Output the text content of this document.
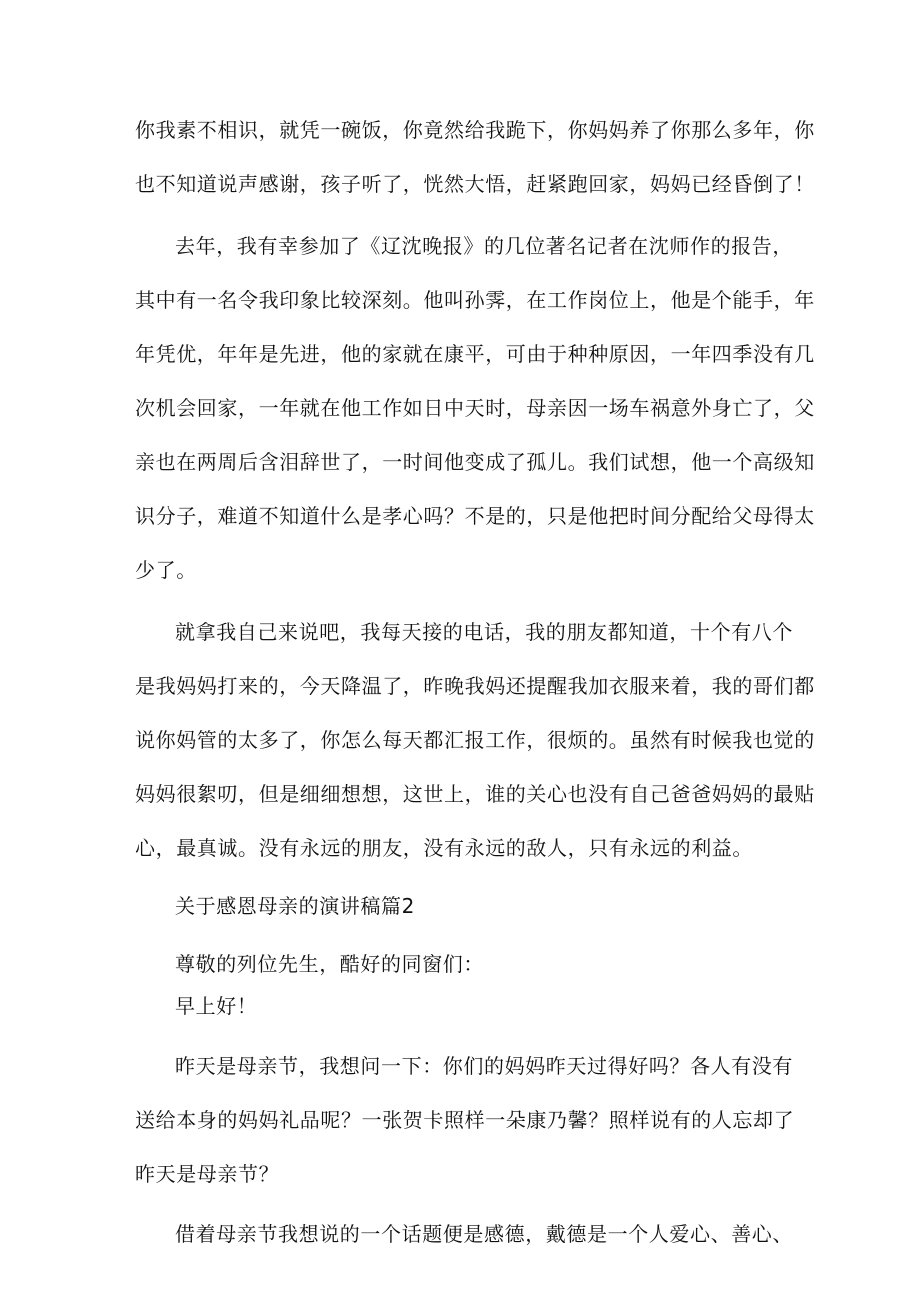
你我素不相识，就凭一碗饭，你竟然给我跪下，你妈妈养了你那么多年，你
也不知道说声感谢，孩子听了，恍然大悟，赶紧跑回家，妈妈已经昏倒了！
去年，我有幸参加了《辽沈晚报》的几位著名记者在沈师作的报告，
其中有一名令我印象比较深刻。他叫孙霁，在工作岗位上，他是个能手，年
年凭优，年年是先进，他的家就在康平，可由于种种原因，一年四季没有几
次机会回家，一年就在他工作如日中天时，母亲因一场车祸意外身亡了，父
亲也在两周后含泪辞世了，一时间他变成了孤儿。我们试想，他一个高级知
识分子，难道不知道什么是孝心吗？不是的，只是他把时间分配给父母得太
少了。
就拿我自己来说吧，我每天接的电话，我的朋友都知道，十个有八个
是我妈妈打来的，今天降温了，昨晚我妈还提醒我加衣服来着，我的哥们都
说你妈管的太多了，你怎么每天都汇报工作，很烦的。虽然有时候我也觉的
妈妈很絮叨，但是细细想想，这世上，谁的关心也没有自己爸爸妈妈的最贴
心，最真诚。没有永远的朋友，没有永远的敌人，只有永远的利益。
关于感恩母亲的演讲稿篇2
尊敬的列位先生，酷好的同窗们：
早上好！
昨天是母亲节，我想问一下：你们的妈妈昨天过得好吗？各人有没有
送给本身的妈妈礼品呢？一张贺卡照样一朵康乃馨？照样说有的人忘却了
昨天是母亲节？
借着母亲节我想说的一个话题便是感德，戴德是一个人爱心、善心、
